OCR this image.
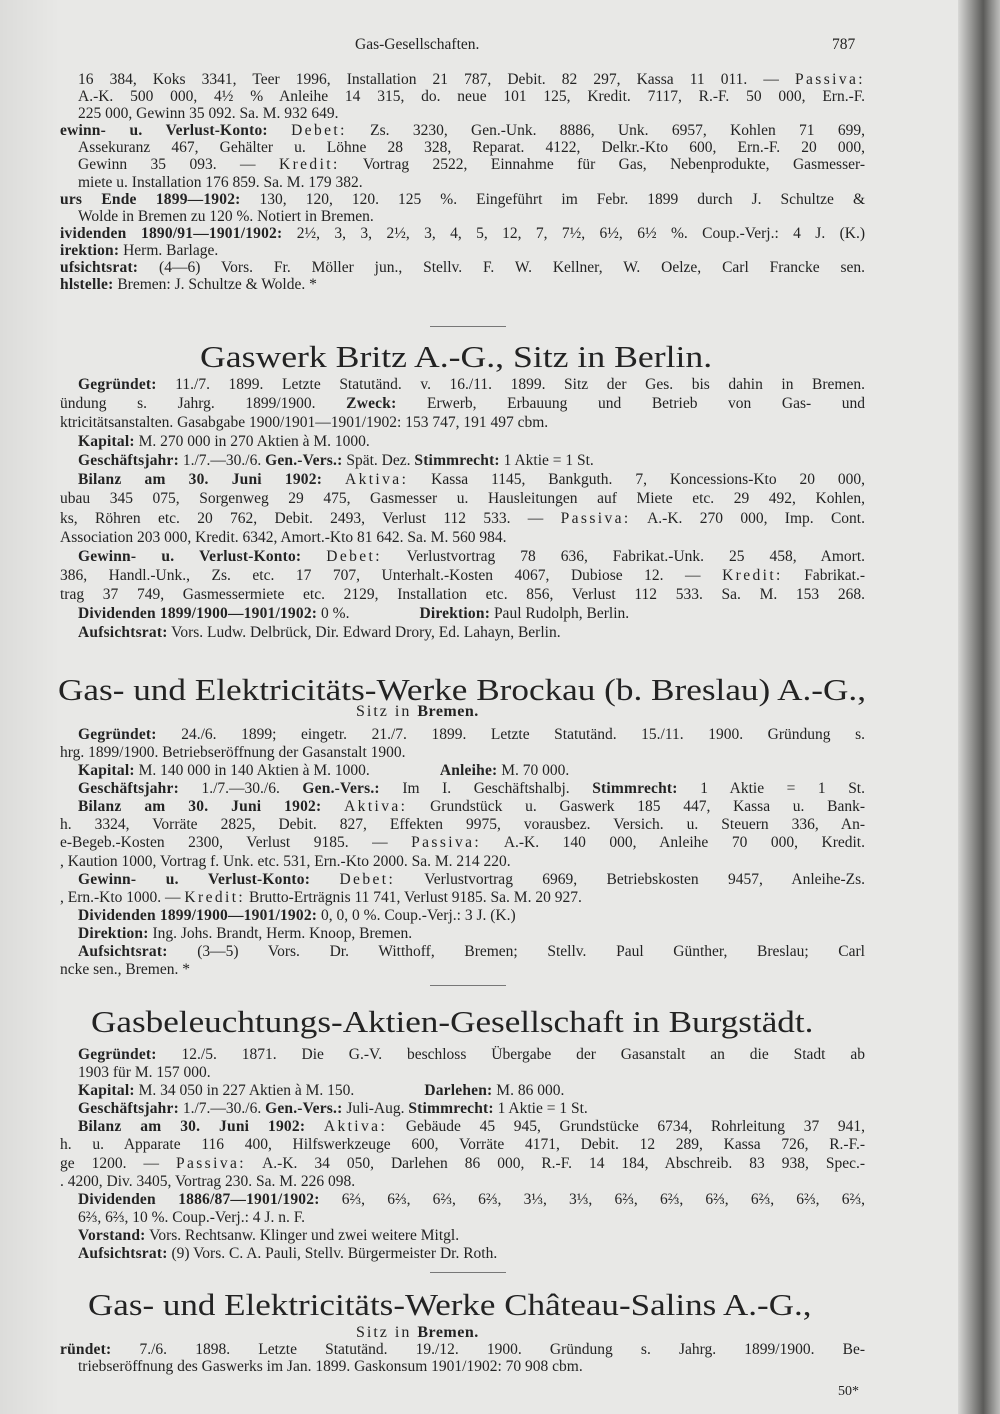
Gas-Gesellschaften.	787
16 384, Koks 3341, Teer 1996, Installation 21 787, Debit. 82 297, Kassa 11 011. — Passiva:
A.-K. 500 000, 4½ % Anleihe 14 315, do. neue 101 125, Kredit. 7117, R.-F. 50 000, Ern.-F.
225 000, Gewinn 35 092. Sa. M. 932 649.
ewinn- u. Verlust-Konto: Debet: Zs. 3230, Gen.-Unk. 8886, Unk. 6957, Kohlen 71 699,
Assekuranz 467, Gehälter u. Löhne 28 328, Reparat. 4122, Delkr.-Kto 600, Ern.-F. 20 000,
Gewinn 35 093. — Kredit: Vortrag 2522, Einnahme für Gas, Nebenprodukte, Gasmesser-
miete u. Installation 176 859. Sa. M. 179 382.
urs Ende 1899—1902: 130, 120, 120. 125 %. Eingeführt im Febr. 1899 durch J. Schultze &
Wolde in Bremen zu 120 %. Notiert in Bremen.
ividenden 1890/91—1901/1902: 2½, 3, 3, 2½, 3, 4, 5, 12, 7, 7½, 6½, 6½ %. Coup.-Verj.: 4 J. (K.)
irektion: Herm. Barlage.
ufsichtsrat: (4—6) Vors. Fr. Möller jun., Stellv. F. W. Kellner, W. Oelze, Carl Francke sen.
hlstelle: Bremen: J. Schultze & Wolde. *
Gegründet: 11./7. 1899. Letzte Statutänd. v. 16./11. 1899. Sitz der Ges. bis dahin in Bremen.
ündung s. Jahrg. 1899/1900. Zweck: Erwerb, Erbauung und Betrieb von Gas- und
ktricitätsanstalten. Gasabgabe 1900/1901—1901/1902: 153 747, 191 497 cbm.
Kapital: M. 270 000 in 270 Aktien à M. 1000.
Geschäftsjahr: 1./7.—30./6. Gen.-Vers.: Spät. Dez. Stimmrecht: 1 Aktie = 1 St.
Bilanz am 30. Juni 1902: Aktiva: Kassa 1145, Bankguth. 7, Koncessions-Kto 20 000,
ubau 345 075, Sorgenweg 29 475, Gasmesser u. Hausleitungen auf Miete etc. 29 492, Kohlen,
ks, Röhren etc. 20 762, Debit. 2493, Verlust 112 533. — Passiva: A.-K. 270 000, Imp. Cont.
Association 203 000, Kredit. 6342, Amort.-Kto 81 642. Sa. M. 560 984.
Gewinn- u. Verlust-Konto: Debet: Verlustvortrag 78 636, Fabrikat.-Unk. 25 458, Amort.
386, Handl.-Unk., Zs. etc. 17 707, Unterhalt.-Kosten 4067, Dubiose 12. — Kredit: Fabrikat.-
trag 37 749, Gasmessermiete etc. 2129, Installation etc. 856, Verlust 112 533. Sa. M. 153 268.
Dividenden 1899/1900—1901/1902: 0 %.	Direktion: Paul Rudolph, Berlin.
Aufsichtsrat: Vors. Ludw. Delbrück, Dir. Edward Drory, Ed. Lahayn, Berlin.
Gegründet: 24./6. 1899; eingetr. 21./7. 1899. Letzte Statutänd. 15./11. 1900. Gründung s.
hrg. 1899/1900. Betriebseröffnung der Gasanstalt 1900.
Kapital: M. 140 000 in 140 Aktien à M. 1000.	Anleihe: M. 70 000.
Geschäftsjahr: 1./7.—30./6. Gen.-Vers.: Im I. Geschäftshalbj. Stimmrecht: 1 Aktie = 1 St.
Bilanz am 30. Juni 1902: Aktiva: Grundstück u. Gaswerk 185 447, Kassa u. Bank-
h. 3324, Vorräte 2825, Debit. 827, Effekten 9975, vorausbez. Versich. u. Steuern 336, An-
e-Begeb.-Kosten 2300, Verlust 9185. — Passiva: A.-K. 140 000, Anleihe 70 000, Kredit.
, Kaution 1000, Vortrag f. Unk. etc. 531, Ern.-Kto 2000. Sa. M. 214 220.
Gewinn- u. Verlust-Konto: Debet: Verlustvortrag 6969, Betriebskosten 9457, Anleihe-Zs.
, Ern.-Kto 1000. — Kredit: Brutto-Erträgnis 11 741, Verlust 9185. Sa. M. 20 927.
Dividenden 1899/1900—1901/1902: 0, 0, 0 %. Coup.-Verj.: 3 J. (K.)
Direktion: Ing. Johs. Brandt, Herm. Knoop, Bremen.
Aufsichtsrat: (3—5) Vors. Dr. Witthoff, Bremen; Stellv. Paul Günther, Breslau; Carl
ncke sen., Bremen. *
Gegründet: 12./5. 1871. Die G.-V. beschloss Übergabe der Gasanstalt an die Stadt ab
1903 für M. 157 000.
Kapital: M. 34 050 in 227 Aktien à M. 150.	Darlehen: M. 86 000.
Geschäftsjahr: 1./7.—30./6. Gen.-Vers.: Juli-Aug. Stimmrecht: 1 Aktie = 1 St.
Bilanz am 30. Juni 1902: Aktiva: Gebäude 45 945, Grundstücke 6734, Rohrleitung 37 941,
h. u. Apparate 116 400, Hilfswerkzeuge 600, Vorräte 4171, Debit. 12 289, Kassa 726, R.-F.-
ge 1200. — Passiva: A.-K. 34 050, Darlehen 86 000, R.-F. 14 184, Abschreib. 83 938, Spec.-
. 4200, Div. 3405, Vortrag 230. Sa. M. 226 098.
Dividenden 1886/87—1901/1902: 6⅔, 6⅔, 6⅔, 6⅔, 3⅓, 3⅓, 6⅔, 6⅔, 6⅔, 6⅔, 6⅔, 6⅔,
6⅔, 6⅔, 10 %. Coup.-Verj.: 4 J. n. F.
Vorstand: Vors. Rechtsanw. Klinger und zwei weitere Mitgl.
Aufsichtsrat: (9) Vors. C. A. Pauli, Stellv. Bürgermeister Dr. Roth.
ründet: 7./6. 1898. Letzte Statutänd. 19./12. 1900. Gründung s. Jahrg. 1899/1900. Be-
triebseröffnung des Gaswerks im Jan. 1899. Gaskonsum 1901/1902: 70 908 cbm.
Gaswerk Britz A.-G., Sitz in Berlin.
Gas- und Elektricitäts-Werke Brockau (b. Breslau) A.-G.,
Sitz in Bremen.
Gasbeleuchtungs-Aktien-Gesellschaft in Burgstädt.
Gas- und Elektricitäts-Werke Château-Salins A.-G.,
Sitz in Bremen.
50*
